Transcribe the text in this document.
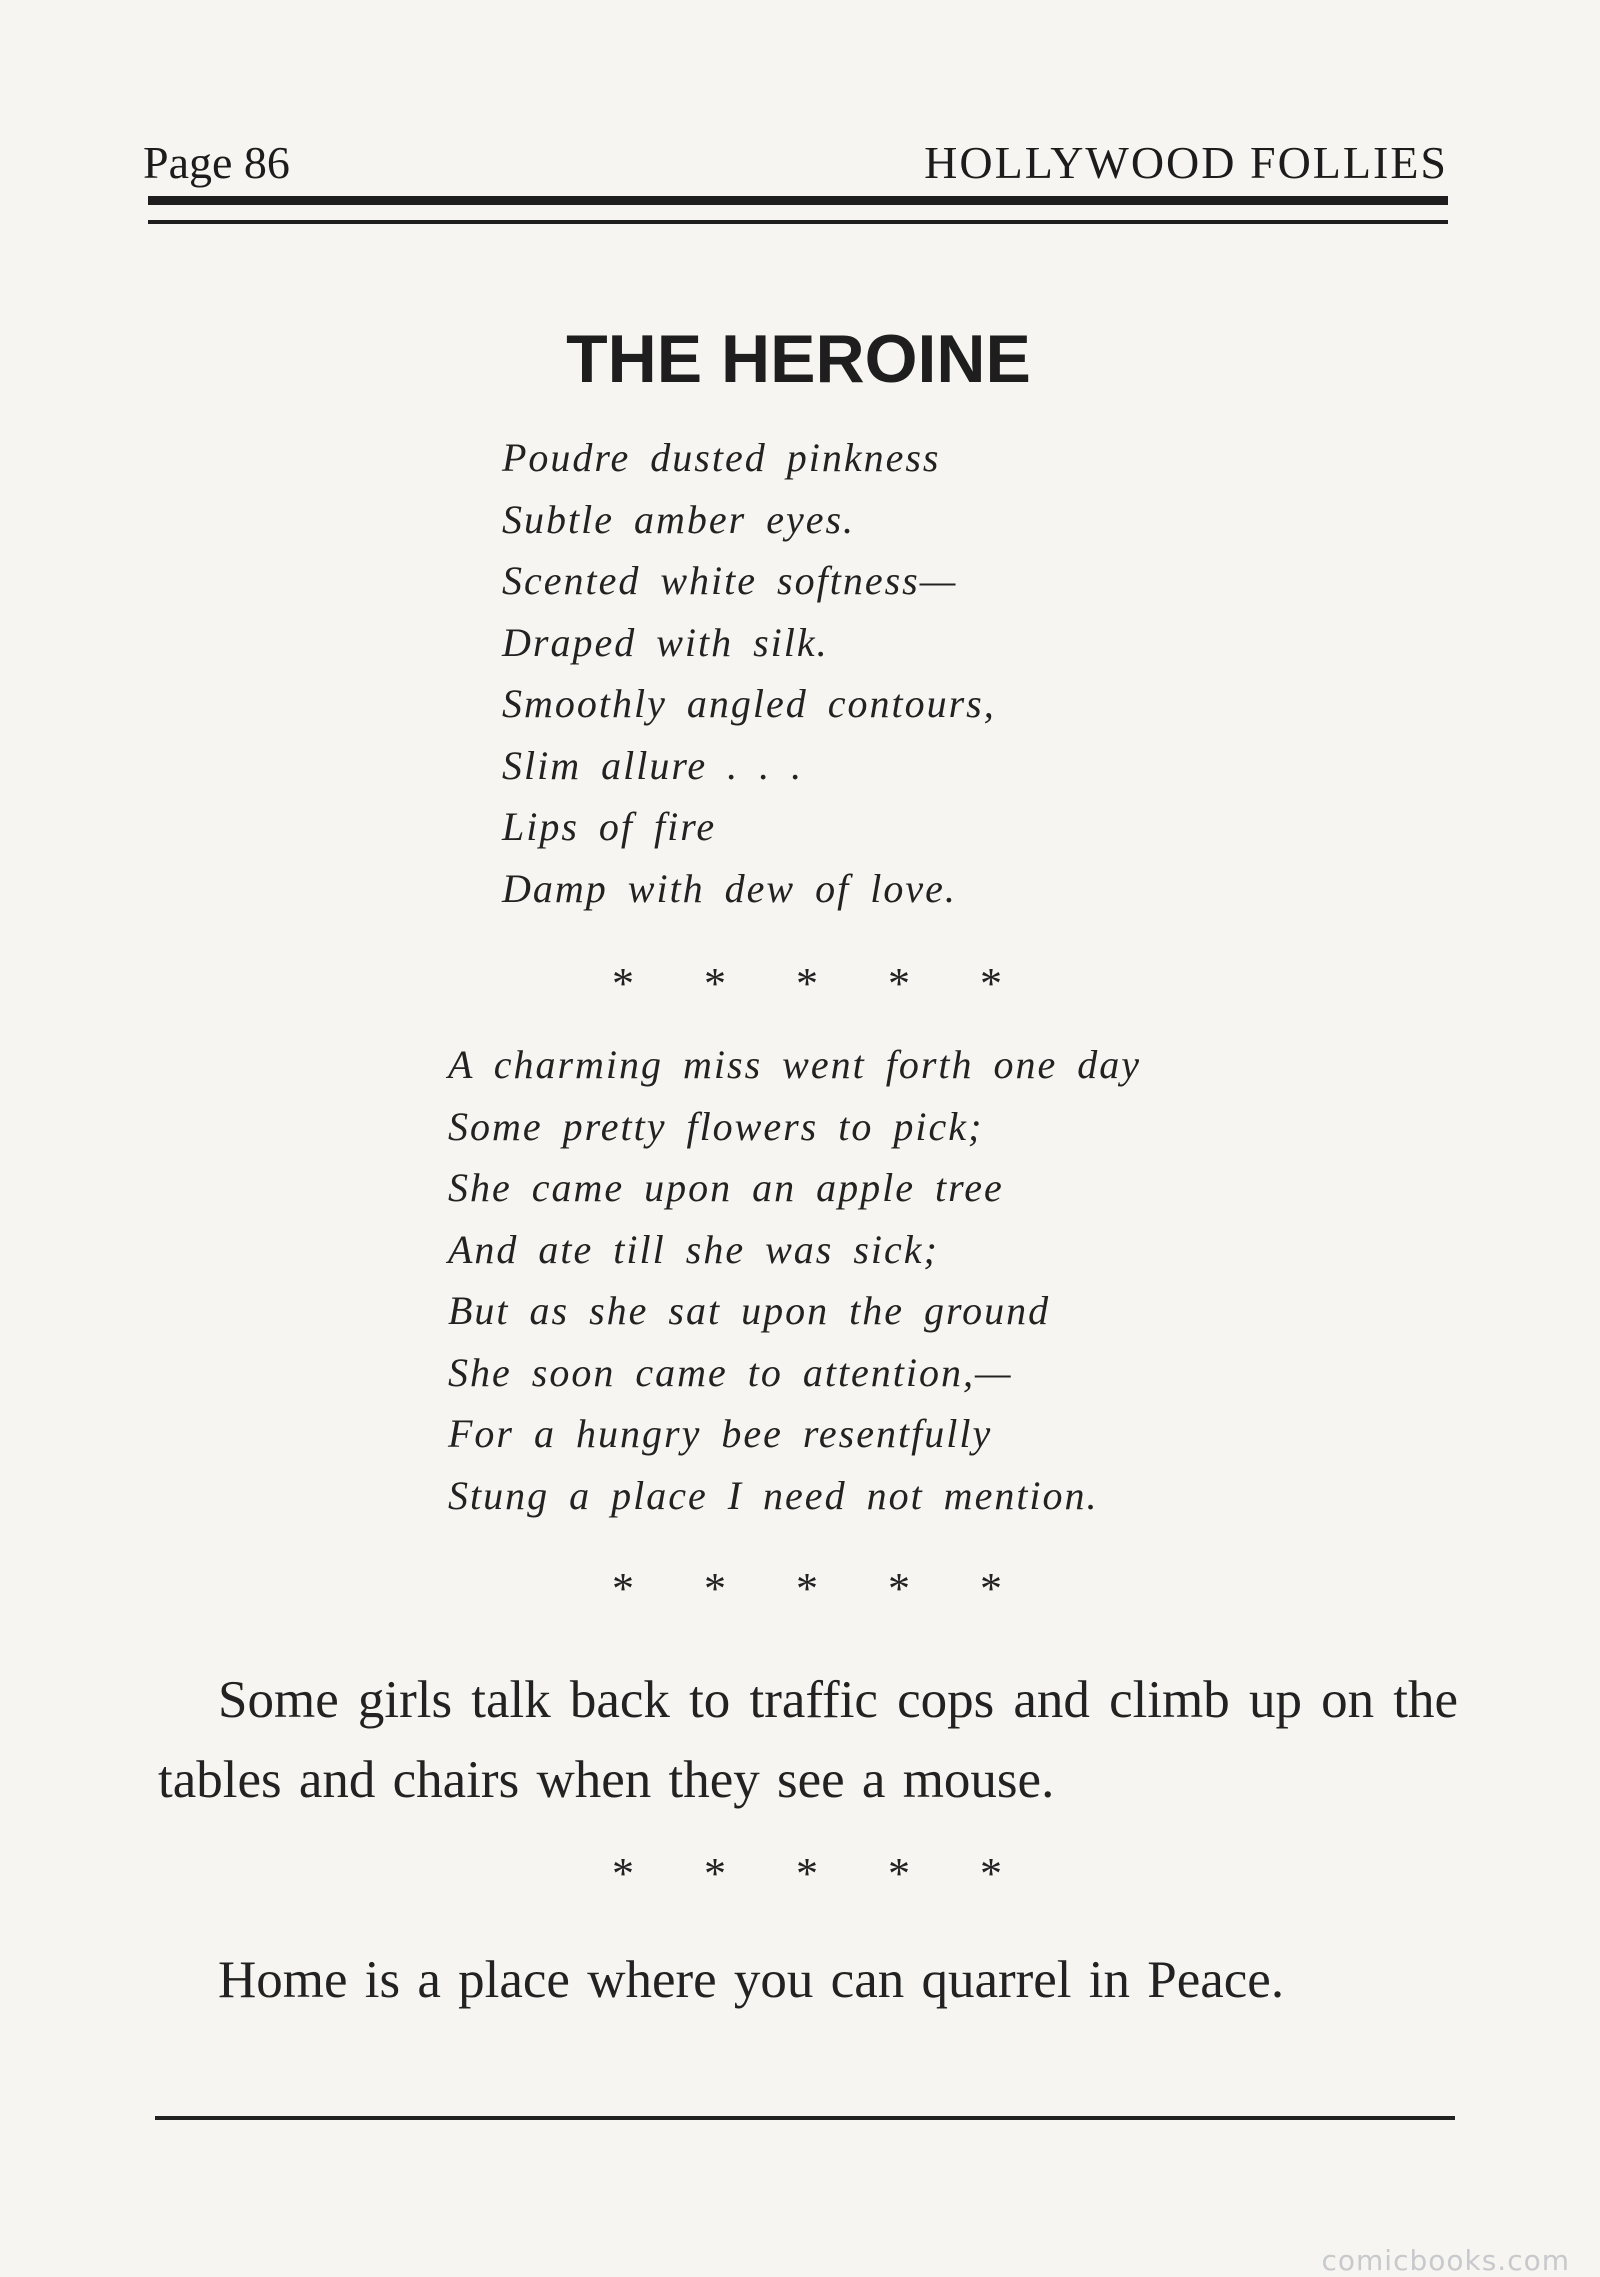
Page 86	HOLLYWOOD FOLLIES
THE HEROINE
Poudre dusted pinkness
Subtle amber eyes.
Scented white softness—
Draped with silk.
Smoothly angled contours,
Slim allure . . .
Lips of fire
Damp with dew of love.
* * * * *
A charming miss went forth one day
Some pretty flowers to pick;
She came upon an apple tree
And ate till she was sick;
But as she sat upon the ground
She soon came to attention,—
For a hungry bee resentfully
Stung a place I need not mention.
* * * * *

Some girls talk back to traffic cops and climb up on the tables and chairs when they see a mouse.

* * * * *

Home is a place where you can quarrel in Peace.

comicbooks.com
